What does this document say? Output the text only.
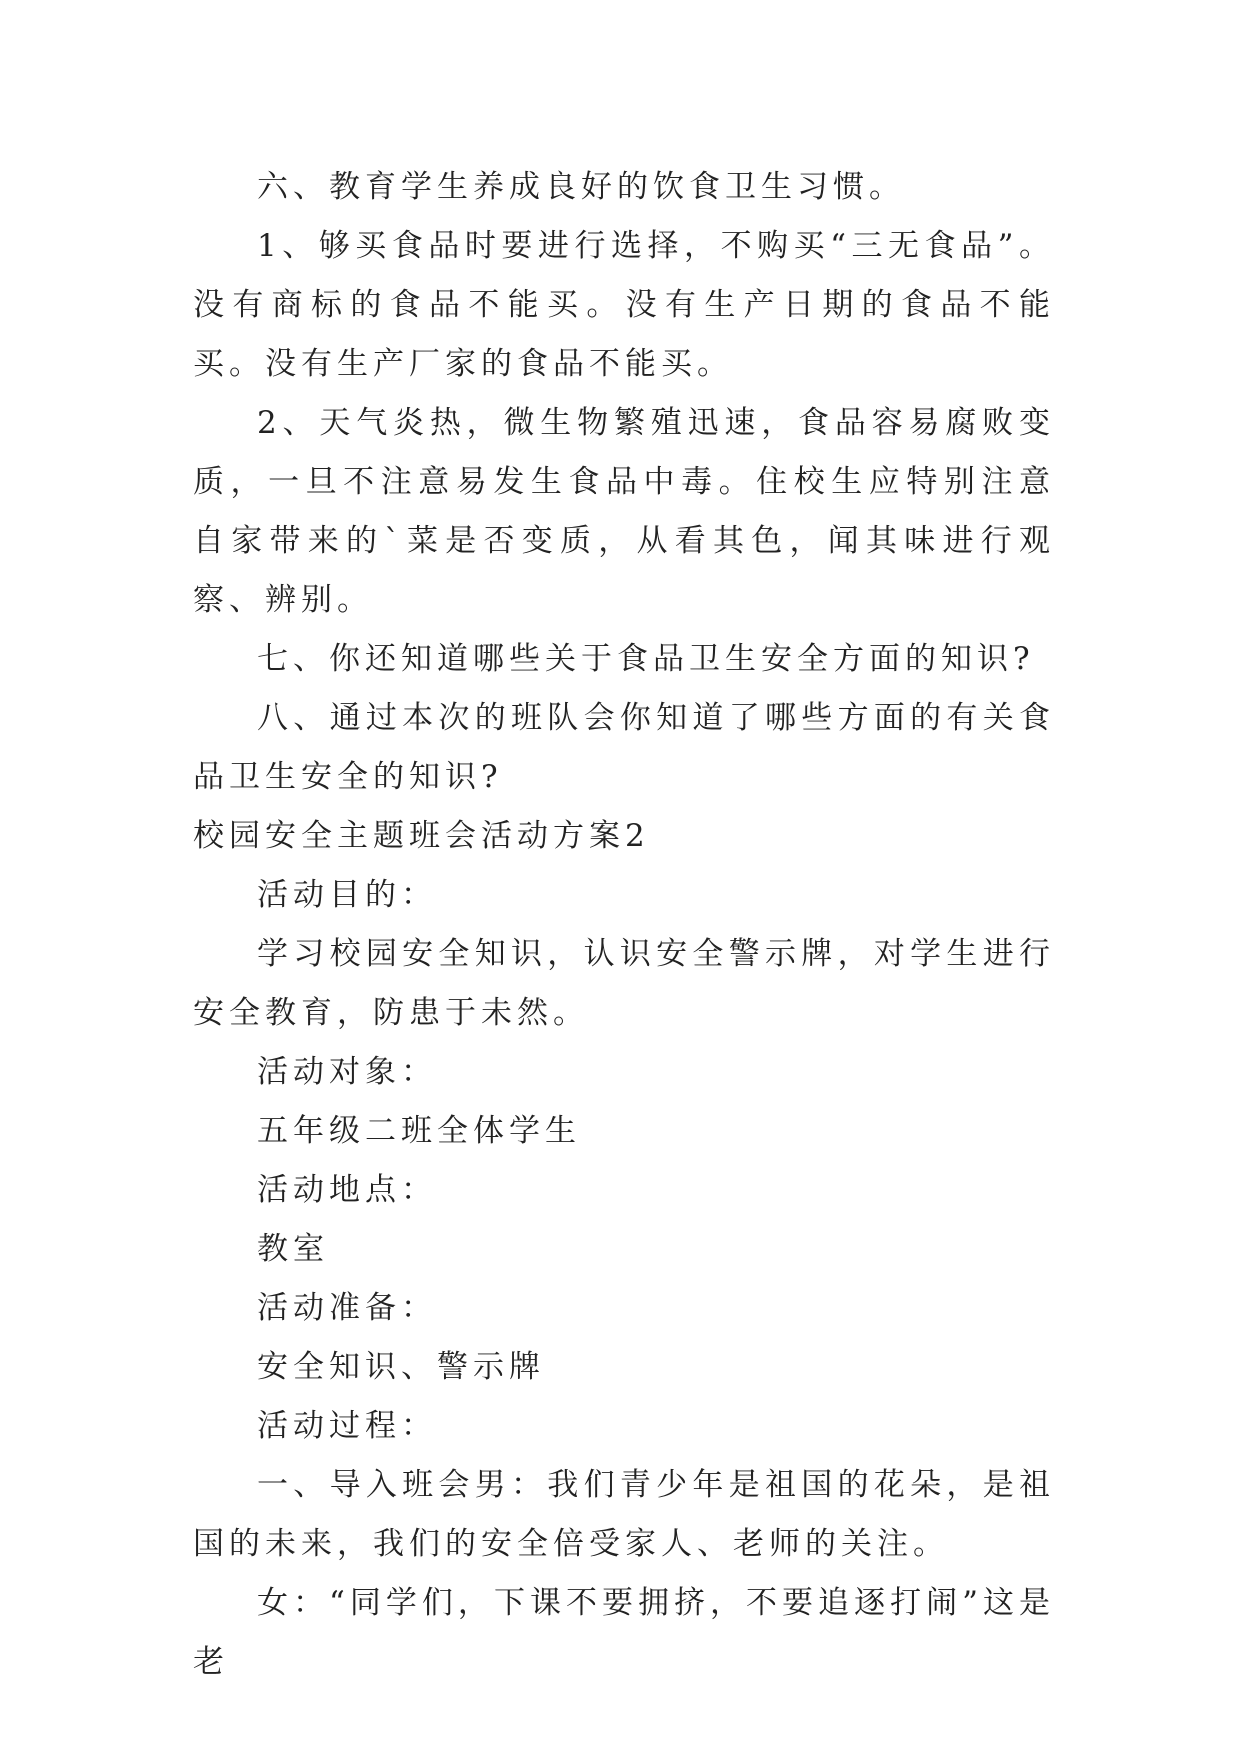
六、教育学生养成良好的饮食卫生习惯。

1、够买食品时要进行选择，不购买“三无食品”。没有商标的食品不能买。没有生产日期的食品不能买。没有生产厂家的食品不能买。

2、天气炎热，微生物繁殖迅速，食品容易腐败变质，一旦不注意易发生食品中毒。住校生应特别注意自家带来的`菜是否变质，从看其色，闻其味进行观察、辨别。

七、你还知道哪些关于食品卫生安全方面的知识?

八、通过本次的班队会你知道了哪些方面的有关食品卫生安全的知识?

校园安全主题班会活动方案2

活动目的：

学习校园安全知识，认识安全警示牌，对学生进行安全教育，防患于未然。

活动对象：

五年级二班全体学生

活动地点：

教室

活动准备：

安全知识、警示牌

活动过程：

一、导入班会男：我们青少年是祖国的花朵，是祖国的未来，我们的安全倍受家人、老师的关注。

女：“同学们，下课不要拥挤，不要追逐打闹”这是老
